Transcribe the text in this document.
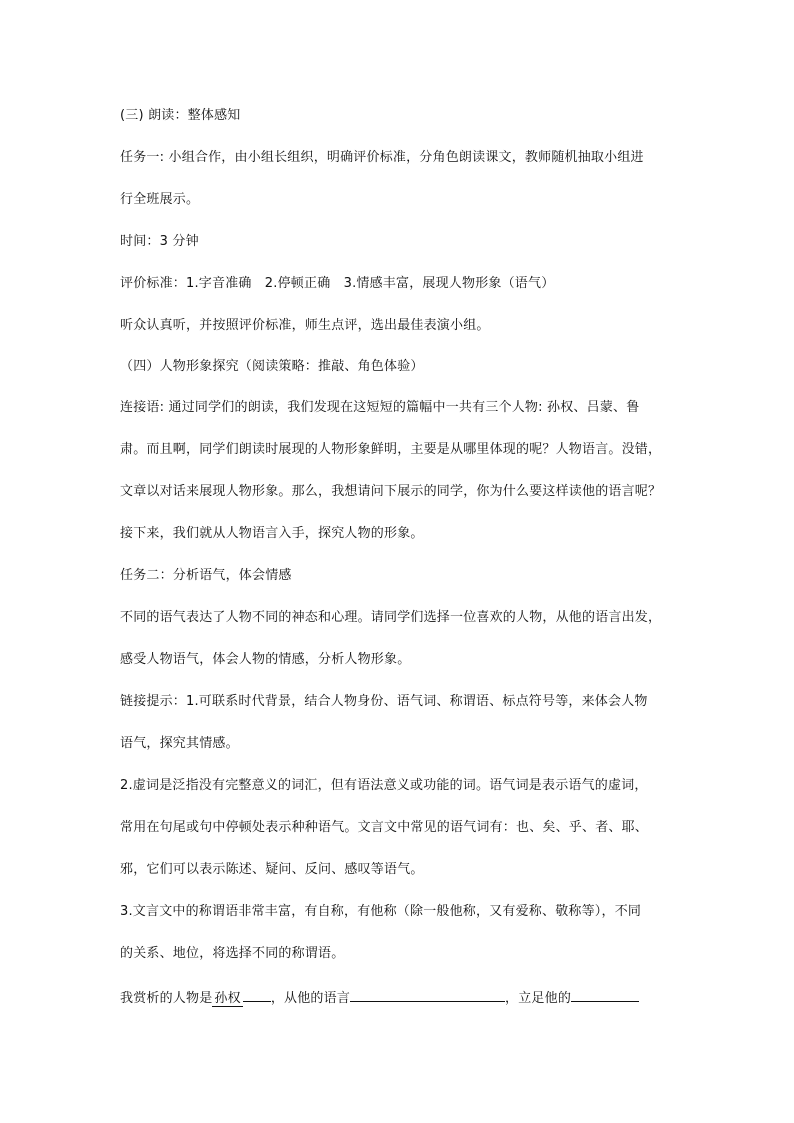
(三) 朗读：整体感知
任务一: 小组合作，由小组长组织，明确评价标准，分角色朗读课文，教师随机抽取小组进
行全班展示。
时间：3 分钟
评价标准：1.字音准确　2.停顿正确　3.情感丰富，展现人物形象（语气）
听众认真听，并按照评价标准，师生点评，选出最佳表演小组。
（四）人物形象探究（阅读策略：推敲、角色体验）
连接语: 通过同学们的朗读，我们发现在这短短的篇幅中一共有三个人物: 孙权、吕蒙、鲁
肃。而且啊，同学们朗读时展现的人物形象鲜明，主要是从哪里体现的呢？人物语言。没错，
文章以对话来展现人物形象。那么，我想请问下展示的同学，你为什么要这样读他的语言呢？
接下来，我们就从人物语言入手，探究人物的形象。
任务二：分析语气，体会情感
不同的语气表达了人物不同的神态和心理。请同学们选择一位喜欢的人物，从他的语言出发，
感受人物语气，体会人物的情感，分析人物形象。
链接提示：1.可联系时代背景，结合人物身份、语气词、称谓语、标点符号等，来体会人物
语气，探究其情感。
2.虚词是泛指没有完整意义的词汇，但有语法意义或功能的词。语气词是表示语气的虚词，
常用在句尾或句中停顿处表示种种语气。文言文中常见的语气词有：也、矣、乎、者、耶、
邪，它们可以表示陈述、疑问、反问、感叹等语气。
3.文言文中的称谓语非常丰富，有自称，有他称（除一般他称，又有爱称、敬称等），不同
的关系、地位，将选择不同的称谓语。
我赏析的人物是 孙权 ，从他的语言	，立足他的
